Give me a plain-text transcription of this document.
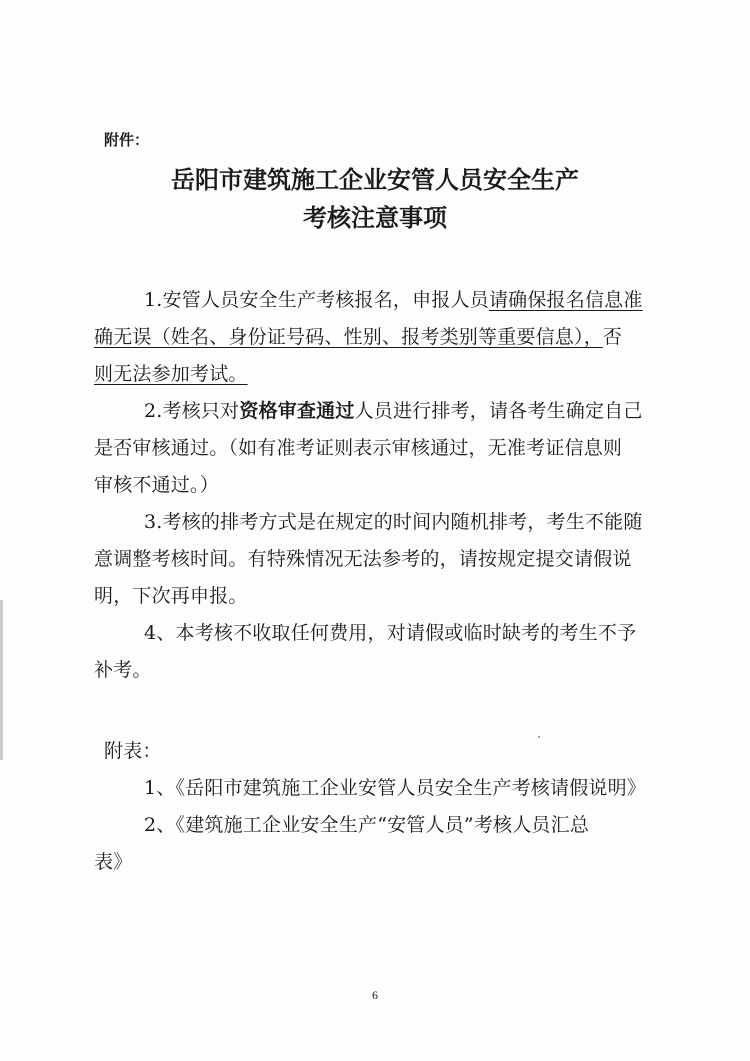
附件：
岳阳市建筑施工企业安管人员安全生产
考核注意事项
1.安管人员安全生产考核报名，申报人员请确保报名信息准
确无误（姓名、身份证号码、性别、报考类别等重要信息），否
则无法参加考试。
2.考核只对资格审查通过人员进行排考，请各考生确定自己
是否审核通过。（如有准考证则表示审核通过，无准考证信息则
审核不通过。）
3.考核的排考方式是在规定的时间内随机排考，考生不能随
意调整考核时间。有特殊情况无法参考的，请按规定提交请假说
明，下次再申报。
4、本考核不收取任何费用，对请假或临时缺考的考生不予
补考。
附表：
1、《岳阳市建筑施工企业安管人员安全生产考核请假说明》
2、《建筑施工企业安全生产“安管人员”考核人员汇总
表》
6
